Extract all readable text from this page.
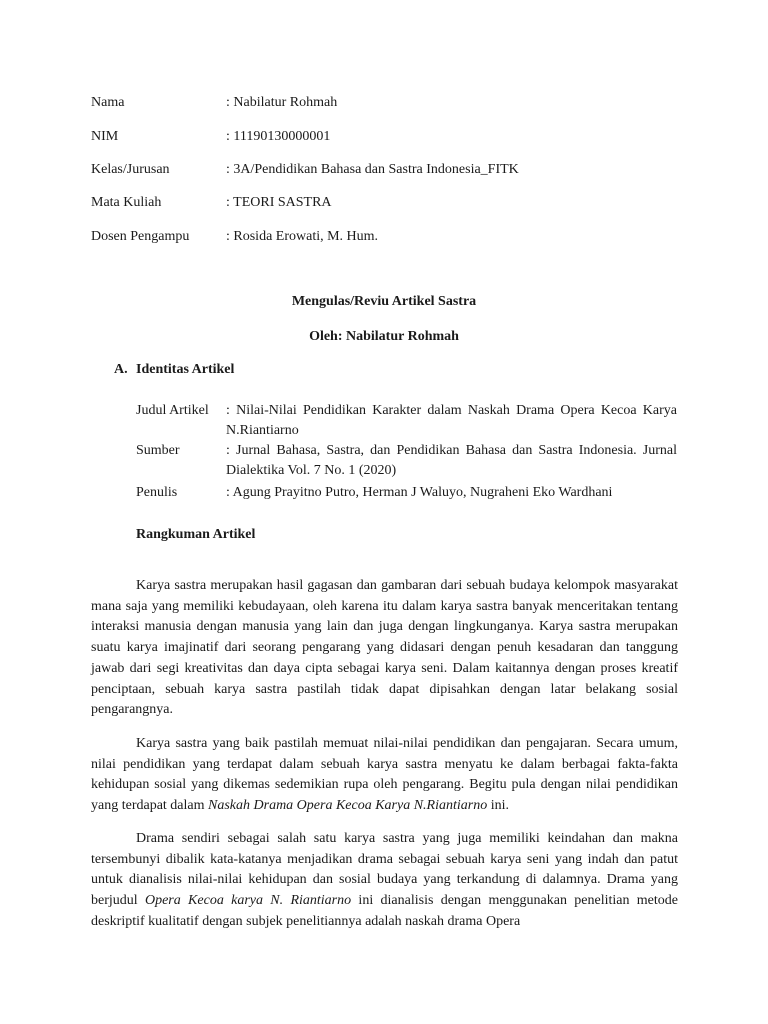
Nama	: Nabilatur Rohmah
NIM	: 11190130000001
Kelas/Jurusan	: 3A/Pendidikan Bahasa dan Sastra Indonesia_FITK
Mata Kuliah	: TEORI SASTRA
Dosen Pengampu	: Rosida Erowati, M. Hum.
Mengulas/Reviu Artikel Sastra
Oleh: Nabilatur Rohmah
A. Identitas Artikel
Judul Artikel : Nilai-Nilai Pendidikan Karakter dalam Naskah Drama Opera Kecoa Karya N.Riantiarno
Sumber	: Jurnal Bahasa, Sastra, dan Pendidikan Bahasa dan Sastra Indonesia. Jurnal Dialektika Vol. 7 No. 1 (2020)
Penulis	: Agung Prayitno Putro, Herman J Waluyo, Nugraheni Eko Wardhani
Rangkuman Artikel

Karya sastra merupakan hasil gagasan dan gambaran dari sebuah budaya kelompok masyarakat mana saja yang memiliki kebudayaan, oleh karena itu dalam karya sastra banyak menceritakan tentang interaksi manusia dengan manusia yang lain dan juga dengan lingkunganya. Karya sastra merupakan suatu karya imajinatif dari seorang pengarang yang didasari dengan penuh kesadaran dan tanggung jawab dari segi kreativitas dan daya cipta sebagai karya seni. Dalam kaitannya dengan proses kreatif penciptaan, sebuah karya sastra pastilah tidak dapat dipisahkan dengan latar belakang sosial pengarangnya.

Karya sastra yang baik pastilah memuat nilai-nilai pendidikan dan pengajaran. Secara umum, nilai pendidikan yang terdapat dalam sebuah karya sastra menyatu ke dalam berbagai fakta-fakta kehidupan sosial yang dikemas sedemikian rupa oleh pengarang. Begitu pula dengan nilai pendidikan yang terdapat dalam Naskah Drama Opera Kecoa Karya N.Riantiarno ini.

Drama sendiri sebagai salah satu karya sastra yang juga memiliki keindahan dan makna tersembunyi dibalik kata-katanya menjadikan drama sebagai sebuah karya seni yang indah dan patut untuk dianalisis nilai-nilai kehidupan dan sosial budaya yang terkandung di dalamnya. Drama yang berjudul Opera Kecoa karya N. Riantiarno ini dianalisis dengan menggunakan penelitian metode deskriptif kualitatif dengan subjek penelitiannya adalah naskah drama Opera
